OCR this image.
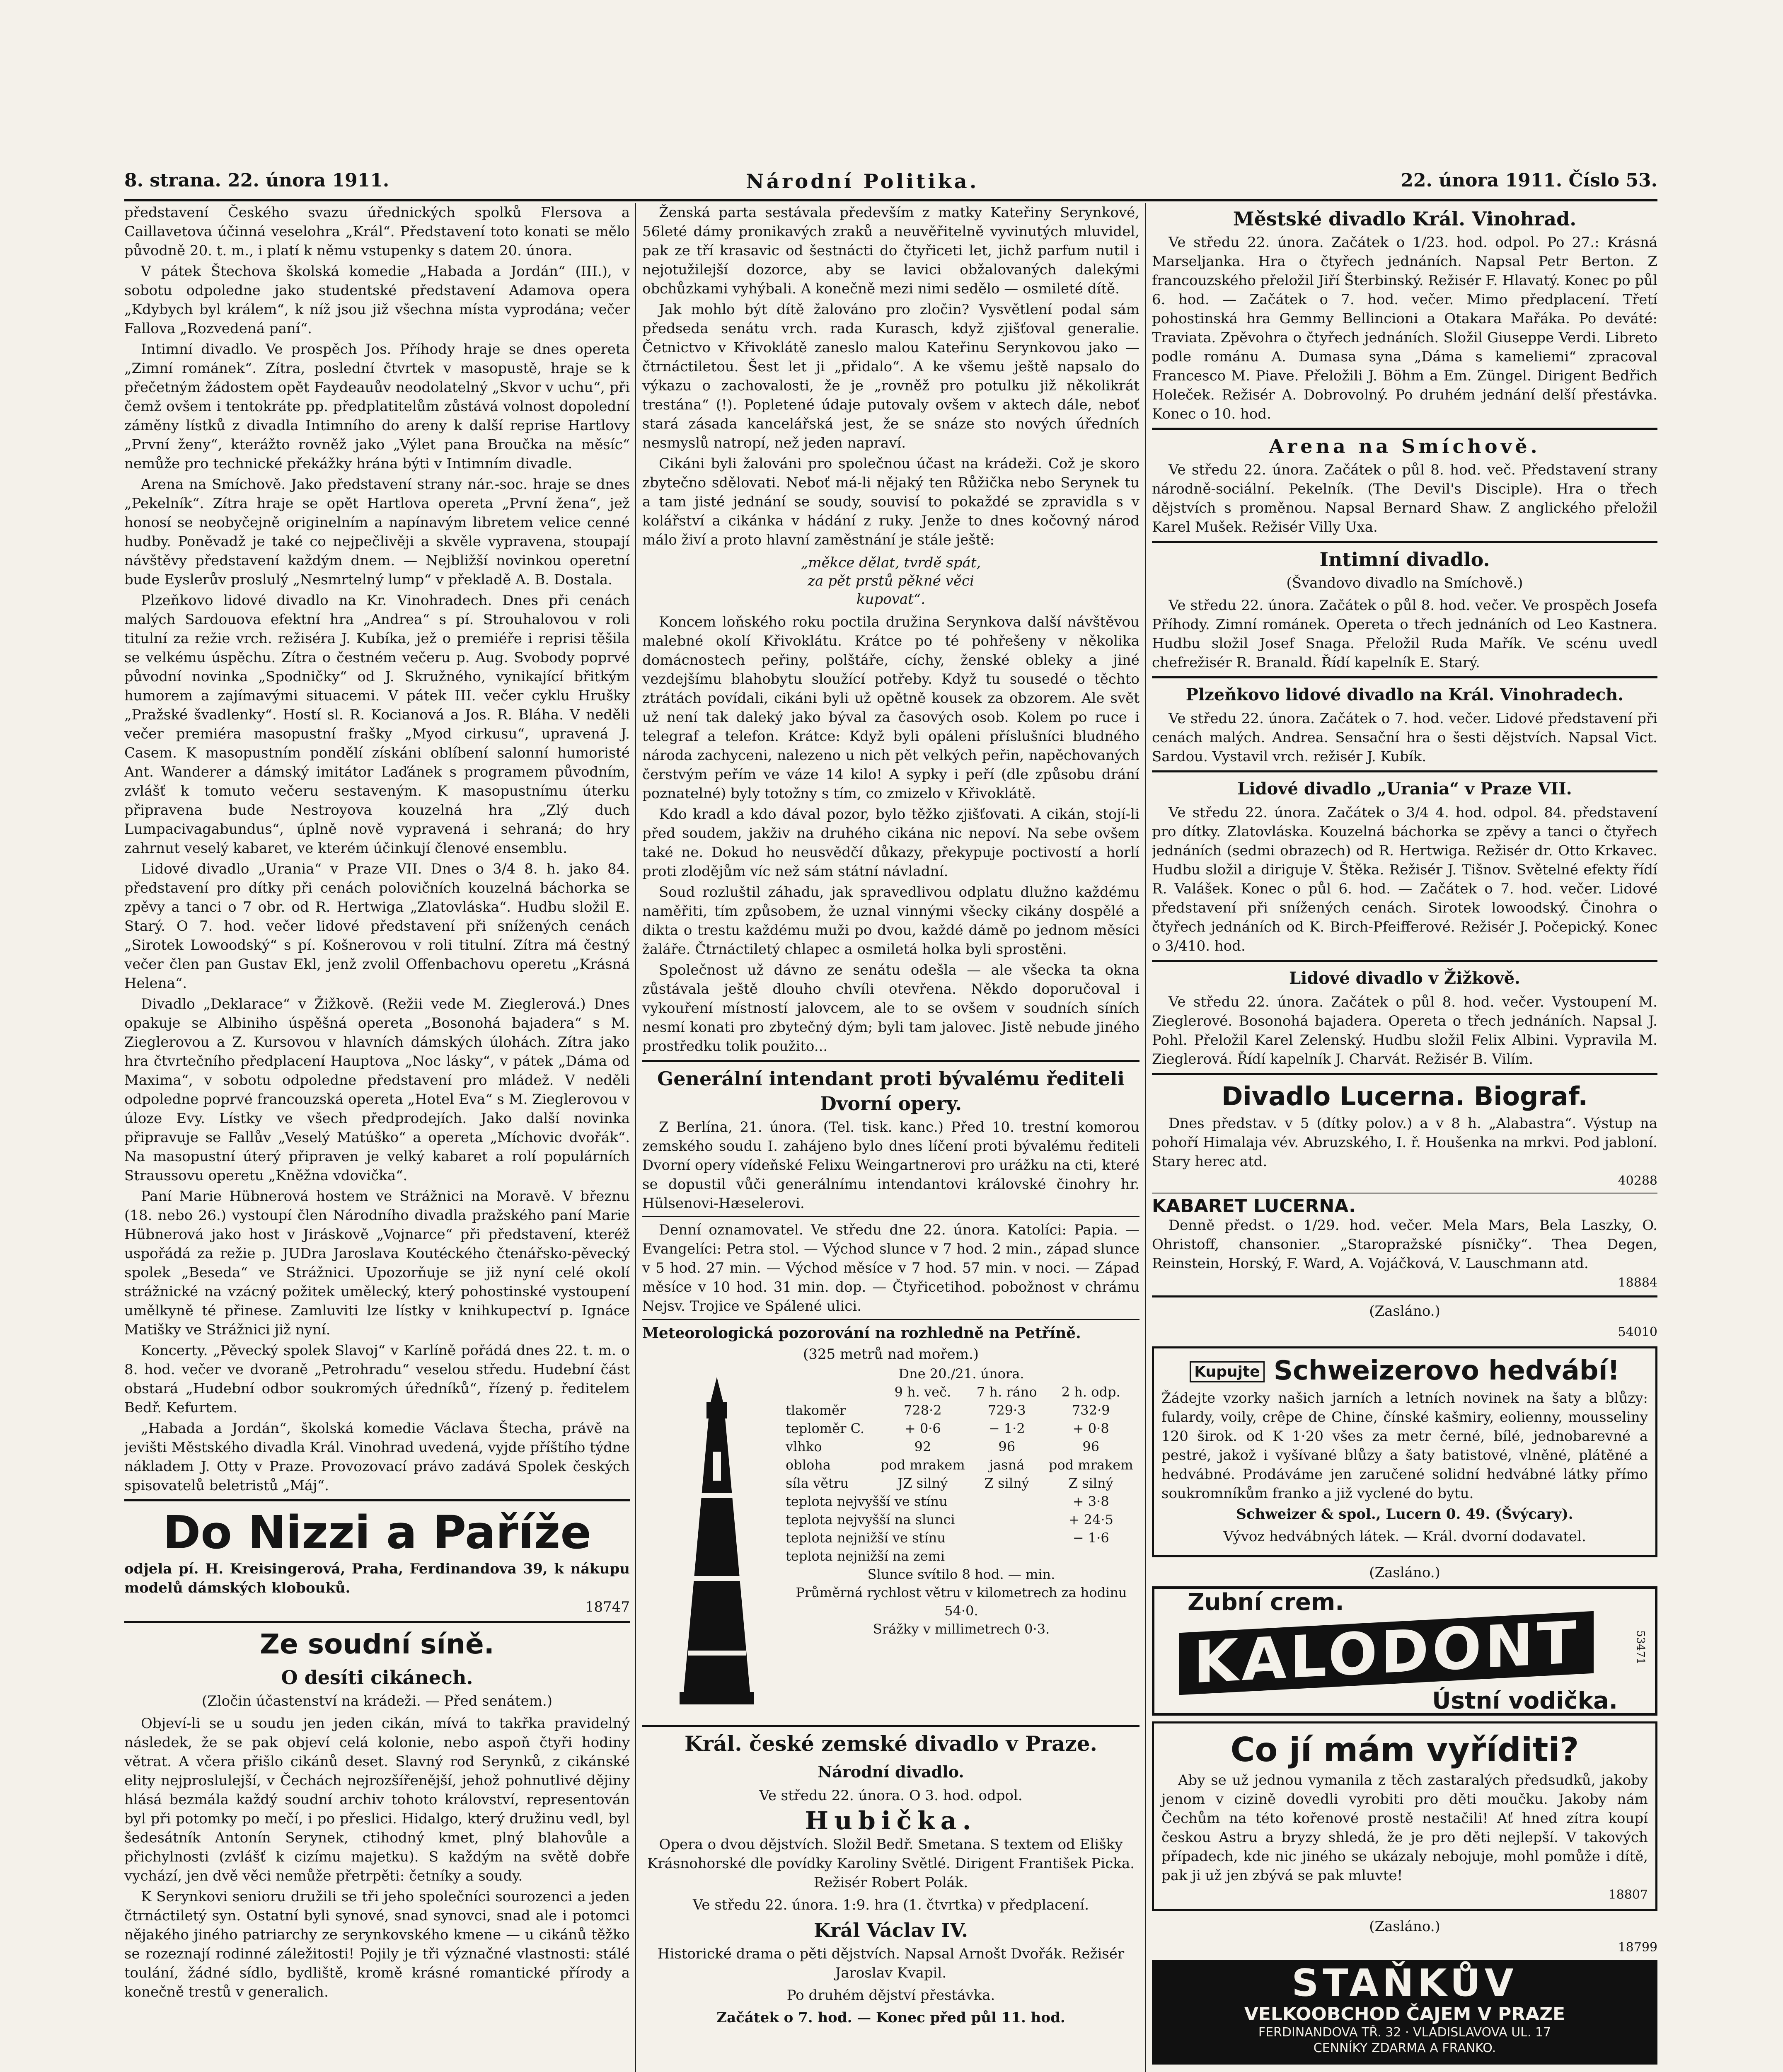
8. strana. 22. února 1911.	Národní Politika.	22. února 1911. Číslo 53.

představení Českého svazu úřednických spolků Flersova a Caillavetova účinná veselohra „Král“. Představení toto konati se mělo původně 20. t. m., i platí k němu vstupenky s datem 20. února.

V pátek Štechova školská komedie „Habada a Jordán“ (III.), v sobotu odpoledne jako studentské představení Adamova opera „Kdybych byl králem“, k níž jsou již všechna místa vyprodána; večer Fallova „Rozvedená paní“.

Intimní divadlo. Ve prospěch Jos. Příhody hraje se dnes opereta „Zimní románek“. Zítra, poslední čtvrtek v masopustě, hraje se k přečetným žádostem opět Faydeauův neodolatelný „Skvor v uchu“, při čemž ovšem i tentokráte pp. předplatitelům zůstává volnost dopolední záměny lístků z divadla Intimního do areny k další reprise Hartlovy „První ženy“, kterážto rovněž jako „Výlet pana Broučka na měsíc“ nemůže pro technické překážky hrána býti v Intimním divadle.

Arena na Smíchově. Jako představení strany nár.-soc. hraje se dnes „Pekelník“. Zítra hraje se opět Hartlova opereta „První žena“, jež honosí se neobyčejně originelním a napínavým libretem velice cenné hudby. Poněvadž je také co nejpečlivěji a skvěle vypravena, stoupají návštěvy představení každým dnem. — Nejbližší novinkou operetní bude Eyslerův proslulý „Nesmrtelný lump“ v překladě A. B. Dostala.

Plzeňkovo lidové divadlo na Kr. Vinohradech. Dnes při cenách malých Sardouova efektní hra „Andrea“ s pí. Strouhalovou v roli titulní za režie vrch. režiséra J. Kubíka, jež o premiéře i reprisi těšila se velkému úspěchu. Zítra o čestném večeru p. Aug. Svobody poprvé původní novinka „Spodničky“ od J. Skružného, vynikající břitkým humorem a zajímavými situacemi. V pátek III. večer cyklu Hrušky „Pražské švadlenky“. Hostí sl. R. Kocianová a Jos. R. Bláha. V neděli večer premiéra masopustní frašky „Myod cirkusu“, upravená J. Casem. K masopustním pondělí získáni oblíbení salonní humoristé Ant. Wanderer a dámský imitátor Laďánek s programem původním, zvlášť k tomuto večeru sestaveným. K masopustnímu úterku připravena bude Nestroyova kouzelná hra „Zlý duch Lumpacivagabundus“, úplně nově vypravená i sehraná; do hry zahrnut veselý kabaret, ve kterém účinkují členové ensemblu.

Lidové divadlo „Urania“ v Praze VII. Dnes o 3/4 8. h. jako 84. představení pro dítky při cenách polovičních kouzelná báchorka se zpěvy a tanci o 7 obr. od R. Hertwiga „Zlatovláska“. Hudbu složil E. Starý. O 7. hod. večer lidové představení při snížených cenách „Sirotek Lowoodský“ s pí. Košnerovou v roli titulní. Zítra má čestný večer člen pan Gustav Ekl, jenž zvolil Offenbachovu operetu „Krásná Helena“.

Divadlo „Deklarace“ v Žižkově. (Režii vede M. Zieglerová.) Dnes opakuje se Albiniho úspěšná opereta „Bosonohá bajadera“ s M. Zieglerovou a Z. Kursovou v hlavních dámských úlohách. Zítra jako hra čtvrtečního předplacení Hauptova „Noc lásky“, v pátek „Dáma od Maxima“, v sobotu odpoledne představení pro mládež. V neděli odpoledne poprvé francouzská opereta „Hotel Eva“ s M. Zieglerovou v úloze Evy. Lístky ve všech předprodejích. Jako další novinka připravuje se Fallův „Veselý Matúško“ a opereta „Míchovic dvořák“. Na masopustní úterý připraven je velký kabaret a rolí populárních Straussovu operetu „Kněžna vdovička“.

Paní Marie Hübnerová hostem ve Strážnici na Moravě. V březnu (18. nebo 26.) vystoupí člen Národního divadla pražského paní Marie Hübnerová jako host v Jiráskově „Vojnarce“ při představení, kteréž uspořádá za režie p. JUDra Jaroslava Koutéckého čtenářsko-pěvecký spolek „Beseda“ ve Strážnici. Upozorňuje se již nyní celé okolí strážnické na vzácný požitek umělecký, který pohostinské vystoupení umělkyně té přinese. Zamluviti lze lístky v knihkupectví p. Ignáce Matišky ve Strážnici již nyní.

Koncerty. „Pěvecký spolek Slavoj“ v Karlíně pořádá dnes 22. t. m. o 8. hod. večer ve dvoraně „Petrohradu“ veselou středu. Hudební část obstará „Hudební odbor soukromých úředníků“, řízený p. ředitelem Bedř. Kefurtem.

„Habada a Jordán“, školská komedie Václava Štecha, právě na jevišti Městského divadla Král. Vinohrad uvedená, vyjde příštího týdne nákladem J. Otty v Praze. Provozovací právo zadává Spolek českých spisovatelů beletristů „Máj“.

Do Nizzi a Paříže
odjela pí. H. Kreisingerová, Praha, Ferdinandova 39, k nákupu modelů dámských klobouků.
18747
Ze soudní síně.
O desíti cikánech.
(Zločin účastenství na krádeži. — Před senátem.)

Objeví-li se u soudu jen jeden cikán, mívá to takřka pravidelný následek, že se pak objeví celá kolonie, nebo aspoň čtyři hodiny větrat. A včera přišlo cikánů deset. Slavný rod Serynků, z cikánské elity nejproslulejší, v Čechách nejrozšířenější, jehož pohnutlivé dějiny hlásá bezmála každý soudní archiv tohoto království, representován byl při potomky po mečí, i po přeslici. Hidalgo, který družinu vedl, byl šedesátník Antonín Serynek, ctihodný kmet, plný blahovůle a přichylnosti (zvlášť k cizímu majetku). S každým na světě dobře vychází, jen dvě věci nemůže přetrpěti: četníky a soudy.

K Serynkovi senioru družili se tři jeho společníci sourozenci a jeden čtrnáctiletý syn. Ostatní byli synové, snad synovci, snad ale i potomci nějakého jiného patriarchy ze serynkovského kmene — u cikánů těžko se rozeznají rodinné záležitosti! Pojily je tři význačné vlastnosti: stálé toulání, žádné sídlo, bydliště, kromě krásné romantické přírody a konečně trestů v generalich.

Ženská parta sestávala především z matky Kateřiny Serynkové, 56leté dámy pronikavých zraků a neuvěřitelně vyvinutých mluvidel, pak ze tří krasavic od šestnácti do čtyřiceti let, jichž parfum nutil i nejotužilejší dozorce, aby se lavici obžalovaných dalekými obchůzkami vyhýbali. A konečně mezi nimi sedělo — osmileté dítě.

Jak mohlo být dítě žalováno pro zločin? Vysvětlení podal sám předseda senátu vrch. rada Kurasch, když zjišťoval generalie. Četnictvo v Křivoklátě zaneslo malou Kateřinu Serynkovou jako — čtrnáctiletou. Šest let ji „přidalo“. A ke všemu ještě napsalo do výkazu o zachovalosti, že je „rovněž pro potulku již několikrát trestána“ (!). Popletené údaje putovaly ovšem v aktech dále, neboť stará zásada kancelářská jest, že se snáze sto nových úředních nesmyslů natropí, než jeden napraví.

Cikáni byli žalováni pro společnou účast na krádeži. Což je skoro zbytečno sdělovati. Neboť má-li nějaký ten Růžička nebo Serynek tu a tam jisté jednání se soudy, souvisí to pokaždé se zpravidla s v kolářství a cikánka v hádání z ruky. Jenže to dnes kočovný národ málo živí a proto hlavní zaměstnání je stále ještě:

„měkce dělat, tvrdě spát,
za pět prstů pěkné věci
kupovat“.

Koncem loňského roku poctila družina Serynkova další návštěvou malebné okolí Křivoklátu. Krátce po té pohřešeny v několika domácnostech peřiny, polštáře, cíchy, ženské obleky a jiné vezdejšímu blahobytu sloužící potřeby. Když tu sousedé o těchto ztrátách povídali, cikáni byli už opětně kousek za obzorem. Ale svět už není tak daleký jako býval za časových osob. Kolem po ruce i telegraf a telefon. Krátce: Když byli opáleni příslušníci bludného národa zachyceni, nalezeno u nich pět velkých peřin, napěchovaných čerstvým peřím ve váze 14 kilo! A sypky i peří (dle způsobu drání poznatelné) byly totožny s tím, co zmizelo v Křivoklátě.

Kdo kradl a kdo dával pozor, bylo těžko zjišťovati. A cikán, stojí-li před soudem, jakživ na druhého cikána nic nepoví. Na sebe ovšem také ne. Dokud ho neusvědčí důkazy, překypuje poctivostí a horlí proti zlodějům víc než sám státní návladní.

Soud rozluštil záhadu, jak spravedlivou odplatu dlužno každému naměřiti, tím způsobem, že uznal vinnými všecky cikány dospělé a dikta o trestu každému muži po dvou, každé dámě po jednom měsíci žaláře. Čtrnáctiletý chlapec a osmiletá holka byli sprostěni.

Společnost už dávno ze senátu odešla — ale všecka ta okna zůstávala ještě dlouho chvíli otevřena. Někdo doporučoval i vykouření místností jalovcem, ale to se ovšem v soudních síních nesmí konati pro zbytečný dým; byli tam jalovec. Jistě nebude jiného prostředku tolik použito...

Generální intendant proti bývalému řediteli Dvorní opery.

Z Berlína, 21. února. (Tel. tisk. kanc.) Před 10. trestní komorou zemského soudu I. zahájeno bylo dnes líčení proti bývalému řediteli Dvorní opery vídeňské Felixu Weingartnerovi pro urážku na cti, které se dopustil vůči generálnímu intendantovi královské činohry hr. Hülsenovi-Hæselerovi.

Denní oznamovatel. Ve středu dne 22. února. Katolíci: Papia. — Evangelíci: Petra stol. — Východ slunce v 7 hod. 2 min., západ slunce v 5 hod. 27 min. — Východ měsíce v 7 hod. 57 min. v noci. — Západ měsíce v 10 hod. 31 min. dop. — Čtyřicetihod. pobožnost v chrámu Nejsv. Trojice ve Spálené ulici.

Meteorologická pozorování na rozhledně na Petříně.
(325 metrů nad mořem.)
Dne 20./21. února.
	9 h. več.	7 h. ráno	2 h. odp.
tlakoměr	728·2	729·3	732·9
teploměr C.	+ 0·6	− 1·2	+ 0·8
vlhko	92	96	96
obloha	pod mrakem	jasná	pod mrakem
síla větru	JZ silný	Z silný	Z silný
teplota nejvyšší ve stínu			+ 3·8
teplota nejvyšší na slunci			+ 24·5
teplota nejnižší ve stínu			− 1·6
teplota nejnižší na zemi			
Slunce svítilo 8 hod. — min.
Průměrná rychlost větru v kilometrech za hodinu 54·0.
Srážky v millimetrech 0·3.
Král. české zemské divadlo v Praze.
Národní divadlo.
Ve středu 22. února. O 3. hod. odpol.
Hubička.
Opera o dvou dějstvích. Složil Bedř. Smetana. S textem od Elišky Krásnohorské dle povídky Karoliny Světlé. Dirigent František Picka. Režisér Robert Polák.
Ve středu 22. února. 1:9. hra (1. čtvrtka) v předplacení.
Král Václav IV.
Historické drama o pěti dějstvích. Napsal Arnošt Dvořák. Režisér Jaroslav Kvapil.
Po druhém dějství přestávka.
Začátek o 7. hod. — Konec před půl 11. hod.
Městské divadlo Král. Vinohrad.

Ve středu 22. února. Začátek o 1/23. hod. odpol. Po 27.: Krásná Marseljanka. Hra o čtyřech jednáních. Napsal Petr Berton. Z francouzského přeložil Jiří Šterbinský. Režisér F. Hlavatý. Konec po půl 6. hod. — Začátek o 7. hod. večer. Mimo předplacení. Třetí pohostinská hra Gemmy Bellincioni a Otakara Mařáka. Po deváté: Traviata. Zpěvohra o čtyřech jednáních. Složil Giuseppe Verdi. Libreto podle románu A. Dumasa syna „Dáma s kameliemi“ zpracoval Francesco M. Piave. Přeložili J. Böhm a Em. Züngel. Dirigent Bedřich Holeček. Režisér A. Dobrovolný. Po druhém jednání delší přestávka. Konec o 10. hod.

Arena na Smíchově.

Ve středu 22. února. Začátek o půl 8. hod. več. Představení strany národně-sociální. Pekelník. (The Devil's Disciple). Hra o třech dějstvích s proměnou. Napsal Bernard Shaw. Z anglického přeložil Karel Mušek. Režisér Villy Uxa.

Intimní divadlo.
(Švandovo divadlo na Smíchově.)

Ve středu 22. února. Začátek o půl 8. hod. večer. Ve prospěch Josefa Příhody. Zimní románek. Opereta o třech jednáních od Leo Kastnera. Hudbu složil Josef Snaga. Přeložil Ruda Mařík. Ve scénu uvedl chefrežisér R. Branald. Řídí kapelník E. Starý.

Plzeňkovo lidové divadlo na Král. Vinohradech.

Ve středu 22. února. Začátek o 7. hod. večer. Lidové představení při cenách malých. Andrea. Sensační hra o šesti dějstvích. Napsal Vict. Sardou. Vystavil vrch. režisér J. Kubík.

Lidové divadlo „Urania“ v Praze VII.

Ve středu 22. února. Začátek o 3/4 4. hod. odpol. 84. představení pro dítky. Zlatovláska. Kouzelná báchorka se zpěvy a tanci o čtyřech jednáních (sedmi obrazech) od R. Hertwiga. Režisér dr. Otto Krkavec. Hudbu složil a diriguje V. Štěka. Režisér J. Tišnov. Světelné efekty řídí R. Valášek. Konec o půl 6. hod. — Začátek o 7. hod. večer. Lidové představení při snížených cenách. Sirotek lowoodský. Činohra o čtyřech jednáních od K. Birch-Pfeifferové. Režisér J. Počepický. Konec o 3/410. hod.

Lidové divadlo v Žižkově.

Ve středu 22. února. Začátek o půl 8. hod. večer. Vystoupení M. Zieglerové. Bosonohá bajadera. Opereta o třech jednáních. Napsal J. Pohl. Přeložil Karel Zelenský. Hudbu složil Felix Albini. Vypravila M. Zieglerová. Řídí kapelník J. Charvát. Režisér B. Vilím.

Divadlo Lucerna. Biograf.

Dnes představ. v 5 (dítky polov.) a v 8 h. „Alabastra“. Výstup na pohoří Himalaja vév. Abruzského, I. ř. Houšenka na mrkvi. Pod jabloní. Stary herec atd.

40288
KABARET LUCERNA.

Denně předst. o 1/29. hod. večer. Mela Mars, Bela Laszky, O. Ohristoff, chansonier. „Staropražské písničky“. Thea Degen, Reinstein, Horský, F. Ward, A. Vojáčková, V. Lauschmann atd.

18884
(Zasláno.)
54010
Kupujte Schweizerovo hedvábí!

Žádejte vzorky našich jarních a letních novinek na šaty a blůzy: fulardy, voily, crêpe de Chine, čínské kašmiry, eolienny, mousseliny 120 širok. od K 1·20 všes za metr černé, bílé, jednobarevné a pestré, jakož i vyšívané blůzy a šaty batistové, vlněné, plátěné a hedvábné. Prodáváme jen zaručené solidní hedvábné látky přímo soukromníkům franko a již vyclené do bytu.

Schweizer & spol., Lucern 0. 49. (Švýcary).
Vývoz hedvábných látek. — Král. dvorní dodavatel.
(Zasláno.)
Zubní crem.
KALODONT
Ústní vodička.
53471
Co jí mám vyříditi?

Aby se už jednou vymanila z těch zastaralých předsudků, jakoby jenom v cizině dovedli vyrobiti pro děti moučku. Jakoby nám Čechům na této kořenové prostě nestačili! Ať hned zítra koupí českou Astru a bryzy shledá, že je pro děti nejlepší. V takových případech, kde nic jiného se ukázaly nebojuje, mohl pomůže i dítě, pak ji už jen zbývá se pak mluvte!

18807
(Zasláno.)
18799
STAŇKŮV
VELKOOBCHOD ČAJEM V PRAZE
FERDINANDOVA TŘ. 32 · VLADISLAVOVA UL. 17
CENNÍKY ZDARMA A FRANKO.
